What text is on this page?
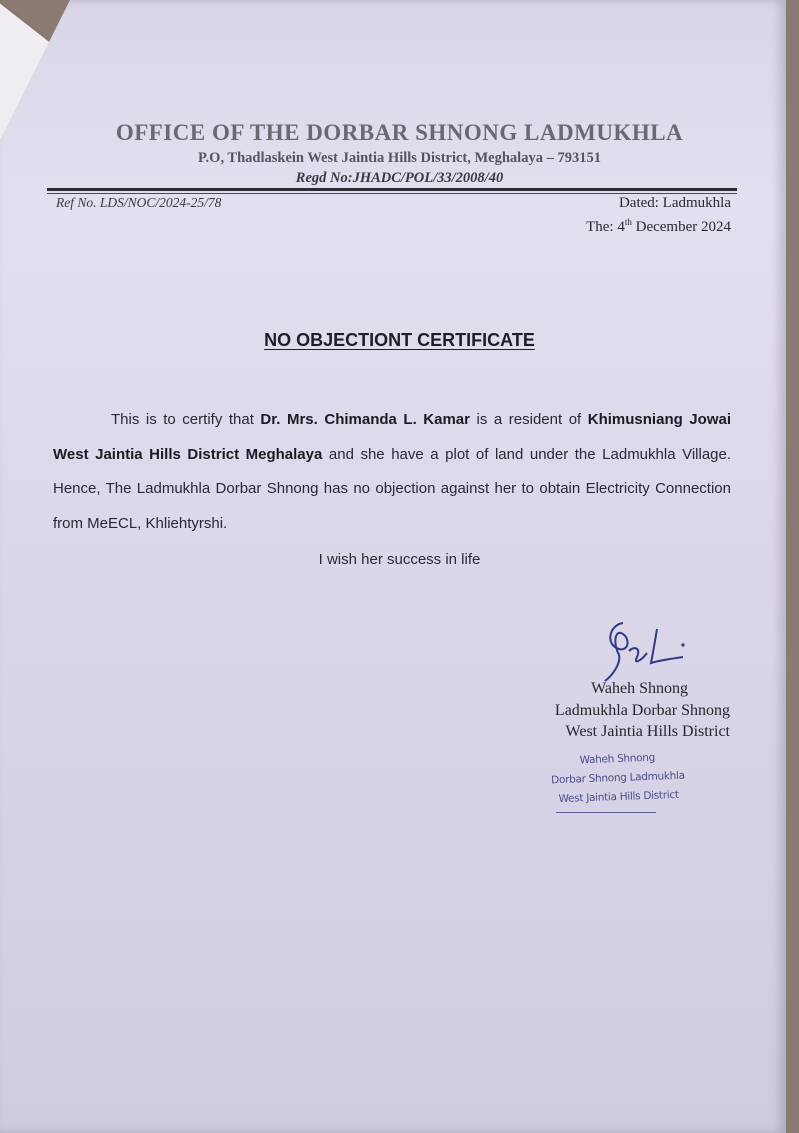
OFFICE OF THE DORBAR SHNONG LADMUKHLA
P.O, Thadlaskein West Jaintia Hills District, Meghalaya – 793151
Regd No:JHADC/POL/33/2008/40
Ref No. LDS/NOC/2024-25/78	Dated: Ladmukhla
The: 4th December 2024
NO OBJECTIONT CERTIFICATE
This is to certify that Dr. Mrs. Chimanda L. Kamar is a resident of Khimusniang Jowai West Jaintia Hills District Meghalaya and she have a plot of land under the Ladmukhla Village. Hence, The Ladmukhla Dorbar Shnong has no objection against her to obtain Electricity Connection from MeECL, Khliehtyrshi.
I wish her success in life
Waheh Shnong
Ladmukhla Dorbar Shnong
West Jaintia Hills District
Waheh Shnong
Dorbar Shnong Ladmukhla
West Jaintia Hills District
